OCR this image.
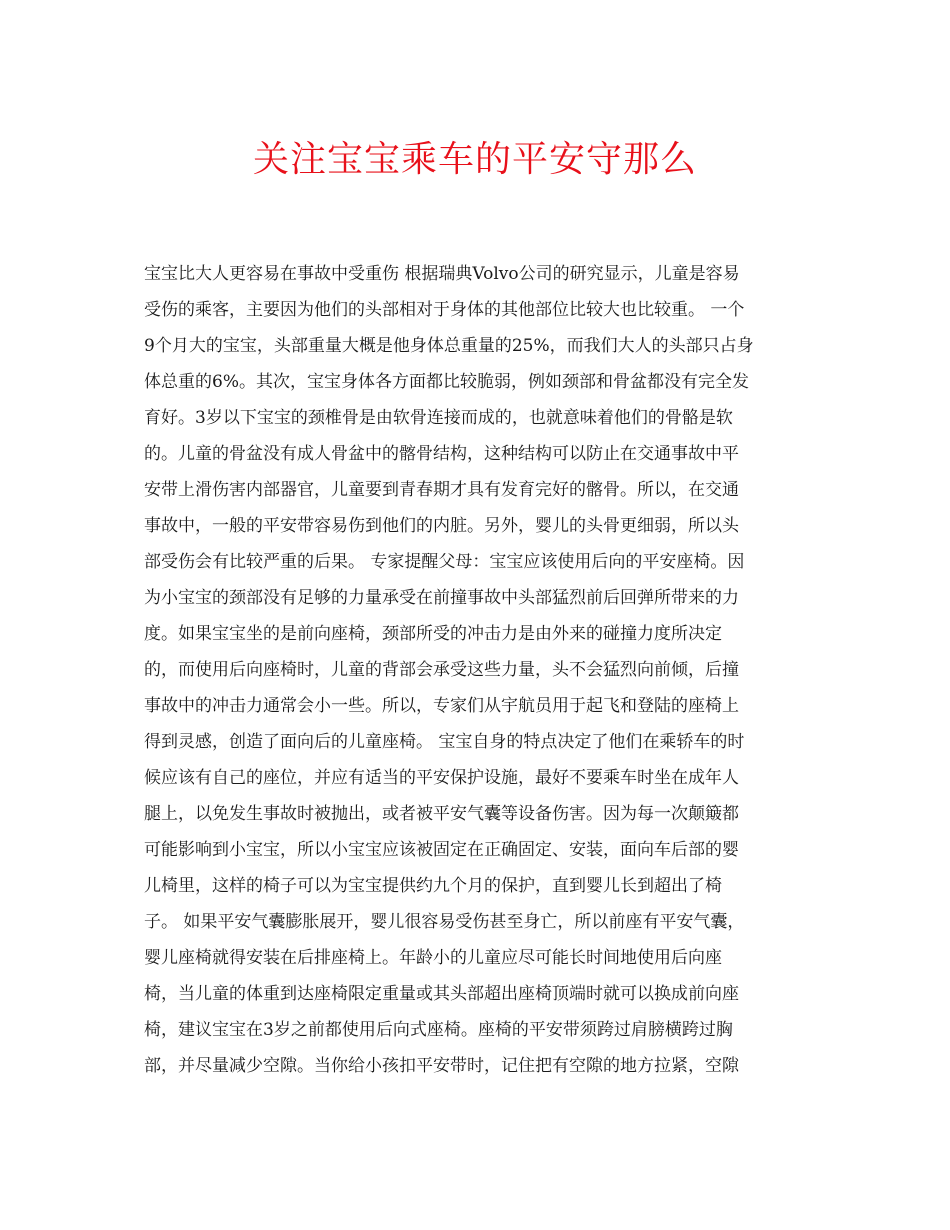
关注宝宝乘车的平安守那么
宝宝比大人更容易在事故中受重伤 根据瑞典Volvo公司的研究显示，儿童是容易
受伤的乘客，主要因为他们的头部相对于身体的其他部位比较大也比较重。 一个
9个月大的宝宝，头部重量大概是他身体总重量的25%，而我们大人的头部只占身
体总重的6%。其次，宝宝身体各方面都比较脆弱，例如颈部和骨盆都没有完全发
育好。3岁以下宝宝的颈椎骨是由软骨连接而成的，也就意味着他们的骨骼是软
的。儿童的骨盆没有成人骨盆中的髂骨结构，这种结构可以防止在交通事故中平
安带上滑伤害内部器官，儿童要到青春期才具有发育完好的髂骨。所以，在交通
事故中，一般的平安带容易伤到他们的内脏。另外，婴儿的头骨更细弱，所以头
部受伤会有比较严重的后果。 专家提醒父母：宝宝应该使用后向的平安座椅。因
为小宝宝的颈部没有足够的力量承受在前撞事故中头部猛烈前后回弹所带来的力
度。如果宝宝坐的是前向座椅，颈部所受的冲击力是由外来的碰撞力度所决定
的，而使用后向座椅时，儿童的背部会承受这些力量，头不会猛烈向前倾，后撞
事故中的冲击力通常会小一些。所以，专家们从宇航员用于起飞和登陆的座椅上
得到灵感，创造了面向后的儿童座椅。 宝宝自身的特点决定了他们在乘轿车的时
候应该有自己的座位，并应有适当的平安保护设施，最好不要乘车时坐在成年人
腿上，以免发生事故时被抛出，或者被平安气囊等设备伤害。因为每一次颠簸都
可能影响到小宝宝，所以小宝宝应该被固定在正确固定、安装，面向车后部的婴
儿椅里，这样的椅子可以为宝宝提供约九个月的保护，直到婴儿长到超出了椅
子。 如果平安气囊膨胀展开，婴儿很容易受伤甚至身亡，所以前座有平安气囊，
婴儿座椅就得安装在后排座椅上。年龄小的儿童应尽可能长时间地使用后向座
椅，当儿童的体重到达座椅限定重量或其头部超出座椅顶端时就可以换成前向座
椅，建议宝宝在3岁之前都使用后向式座椅。座椅的平安带须跨过肩膀横跨过胸
部，并尽量减少空隙。当你给小孩扣平安带时，记住把有空隙的地方拉紧，空隙
